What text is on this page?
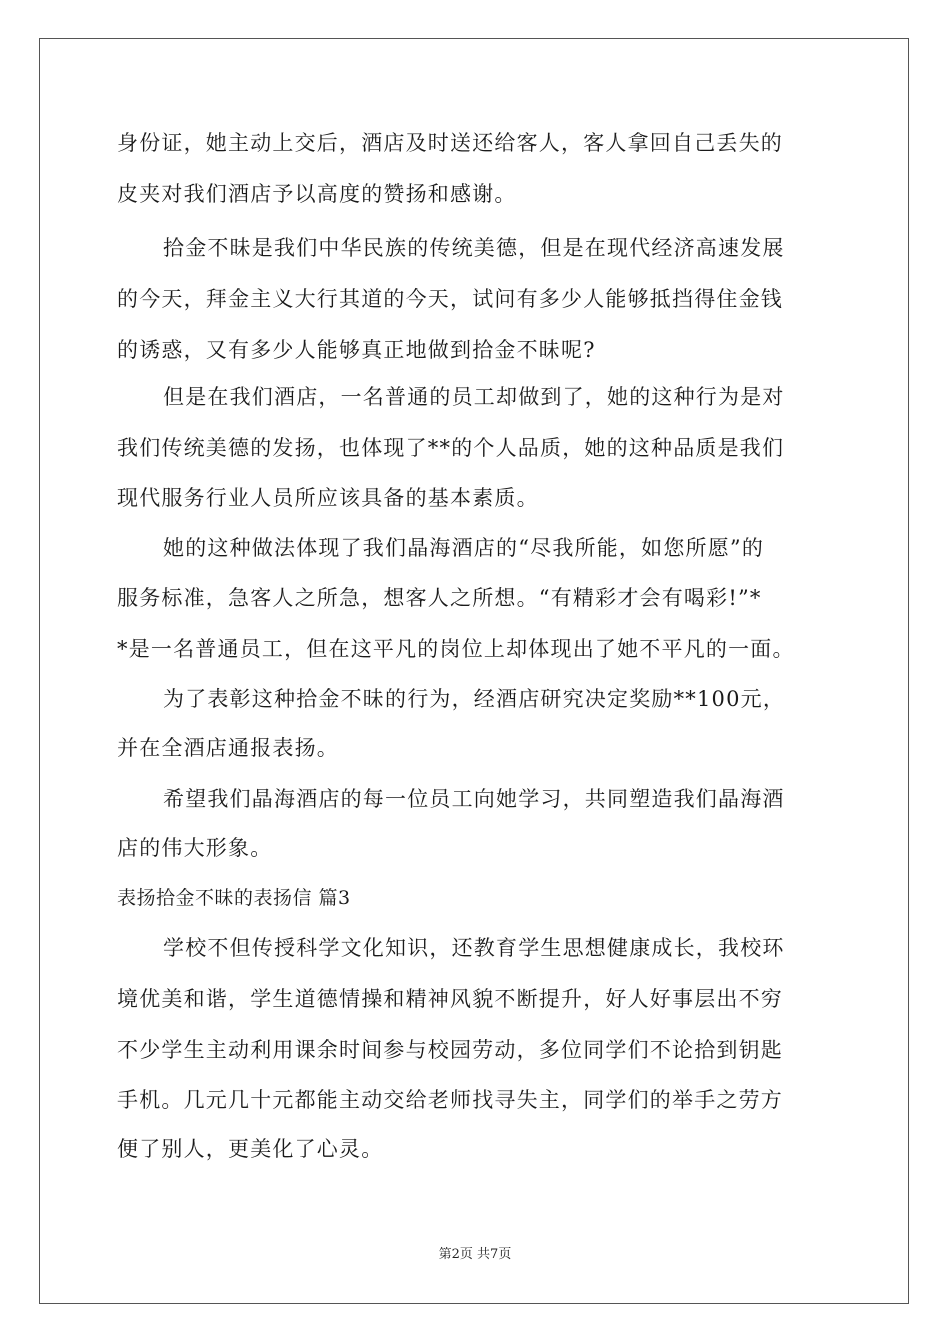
身份证，她主动上交后，酒店及时送还给客人，客人拿回自己丢失的
皮夹对我们酒店予以高度的赞扬和感谢。
拾金不昧是我们中华民族的传统美德，但是在现代经济高速发展
的今天，拜金主义大行其道的今天，试问有多少人能够抵挡得住金钱
的诱惑，又有多少人能够真正地做到拾金不昧呢?
但是在我们酒店，一名普通的员工却做到了，她的这种行为是对
我们传统美德的发扬，也体现了**的个人品质，她的这种品质是我们
现代服务行业人员所应该具备的基本素质。
她的这种做法体现了我们晶海酒店的“尽我所能，如您所愿”的
服务标准，急客人之所急，想客人之所想。“有精彩才会有喝彩!”*
*是一名普通员工，但在这平凡的岗位上却体现出了她不平凡的一面。
为了表彰这种拾金不昧的行为，经酒店研究决定奖励**100元，
并在全酒店通报表扬。
希望我们晶海酒店的每一位员工向她学习，共同塑造我们晶海酒
店的伟大形象。
表扬拾金不昧的表扬信 篇3
学校不但传授科学文化知识，还教育学生思想健康成长，我校环
境优美和谐，学生道德情操和精神风貌不断提升，好人好事层出不穷
不少学生主动利用课余时间参与校园劳动，多位同学们不论拾到钥匙
手机。几元几十元都能主动交给老师找寻失主，同学们的举手之劳方
便了别人，更美化了心灵。
第2页 共7页
